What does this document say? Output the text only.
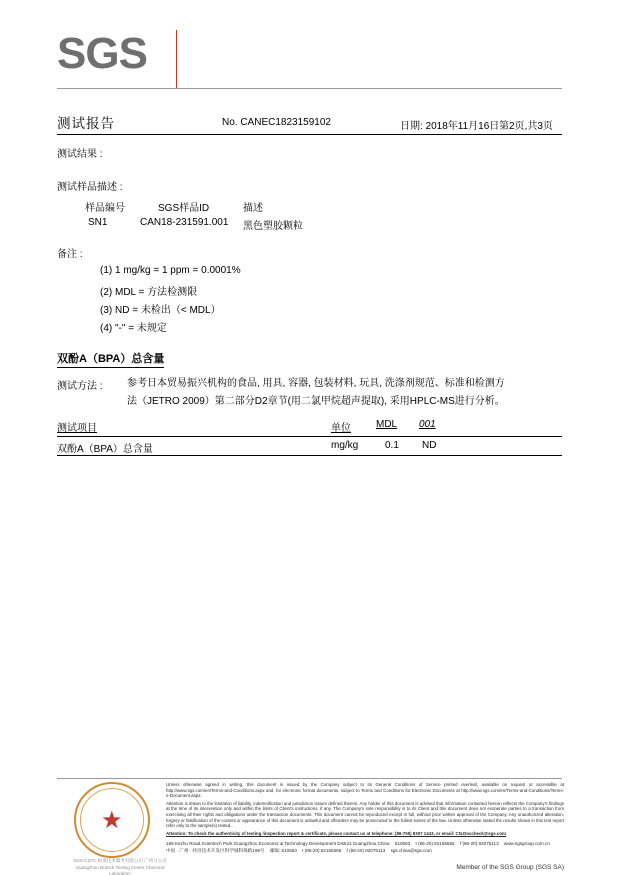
SGS
测试报告	No. CANEC1823159102	日期: 2018年11月16日 第2页,共3页
测试结果 :
测试样品描述 :
样品编号	SGS样品ID	描述
SN1	CAN18-231591.001 黑色塑胶颗粒
备注 :
(1) 1 mg/kg = 1 ppm = 0.0001%
(2) MDL = 方法检测限
(3) ND = 未检出（< MDL）
(4) "-" = 未规定
双酚A（BPA）总含量
测试方法 : 参考日本贸易振兴机构的食品, 用具, 容器, 包装材料, 玩具, 洗涤剂规范、标准和检测方
法（JETRO 2009）第二部分D2章节(用二氯甲烷超声提取), 采用HPLC-MS进行分析。
测试项目	单位	MDL 001
双酚A（BPA）总含量	mg/kg	0.1 ND
★
SGS-CSTC 标准技术服务有限公司 广州分公司
Guangzhou Branch Testing Center Chemical Laboratory
Unless otherwise agreed in writing, this document is issued by the Company subject to its General Conditions of Service printed overleaf, available on request or accessible at http://www.sgs.com/en/Terms-and-Conditions.aspx and, for electronic format documents, subject to Terms and Conditions for Electronic Documents at http://www.sgs.com/en/Terms-and-Conditions/Terms-e-Document.aspx.
Attention is drawn to the limitation of liability, indemnification and jurisdiction issues defined therein. Any holder of this document is advised that information contained hereon reflects the Company's findings at the time of its intervention only and within the limits of Client's instructions, if any. The Company's sole responsibility is to its Client and this document does not exonerate parties to a transaction from exercising all their rights and obligations under the transaction documents. This document cannot be reproduced except in full, without prior written approval of the Company. Any unauthorized alteration, forgery or falsification of the content or appearance of this document is unlawful and offenders may be prosecuted to the fullest extent of the law. Unless otherwise stated the results shown in this test report refer only to the sample(s) tested .
Attention: To check the authenticity of testing /inspection report & certificate, please contact us at telephone: (86-755) 8307 1443, or email: CN.Doccheck@sgs.com
198 Kezhu Road,Scientech Park Guangzhou Economic & Technology Development District,Guangzhou,China 510663 t (86-20) 82155555 f (86-20) 82075113 www.sgsgroup.com.cn
中国 · 广州 · 经济技术开发区科学城科珠路198号 邮编: 510663 t (86-20) 82155555 f (86-20) 82075113 sgs.china@sgs.com
Member of the SGS Group (SGS SA)
